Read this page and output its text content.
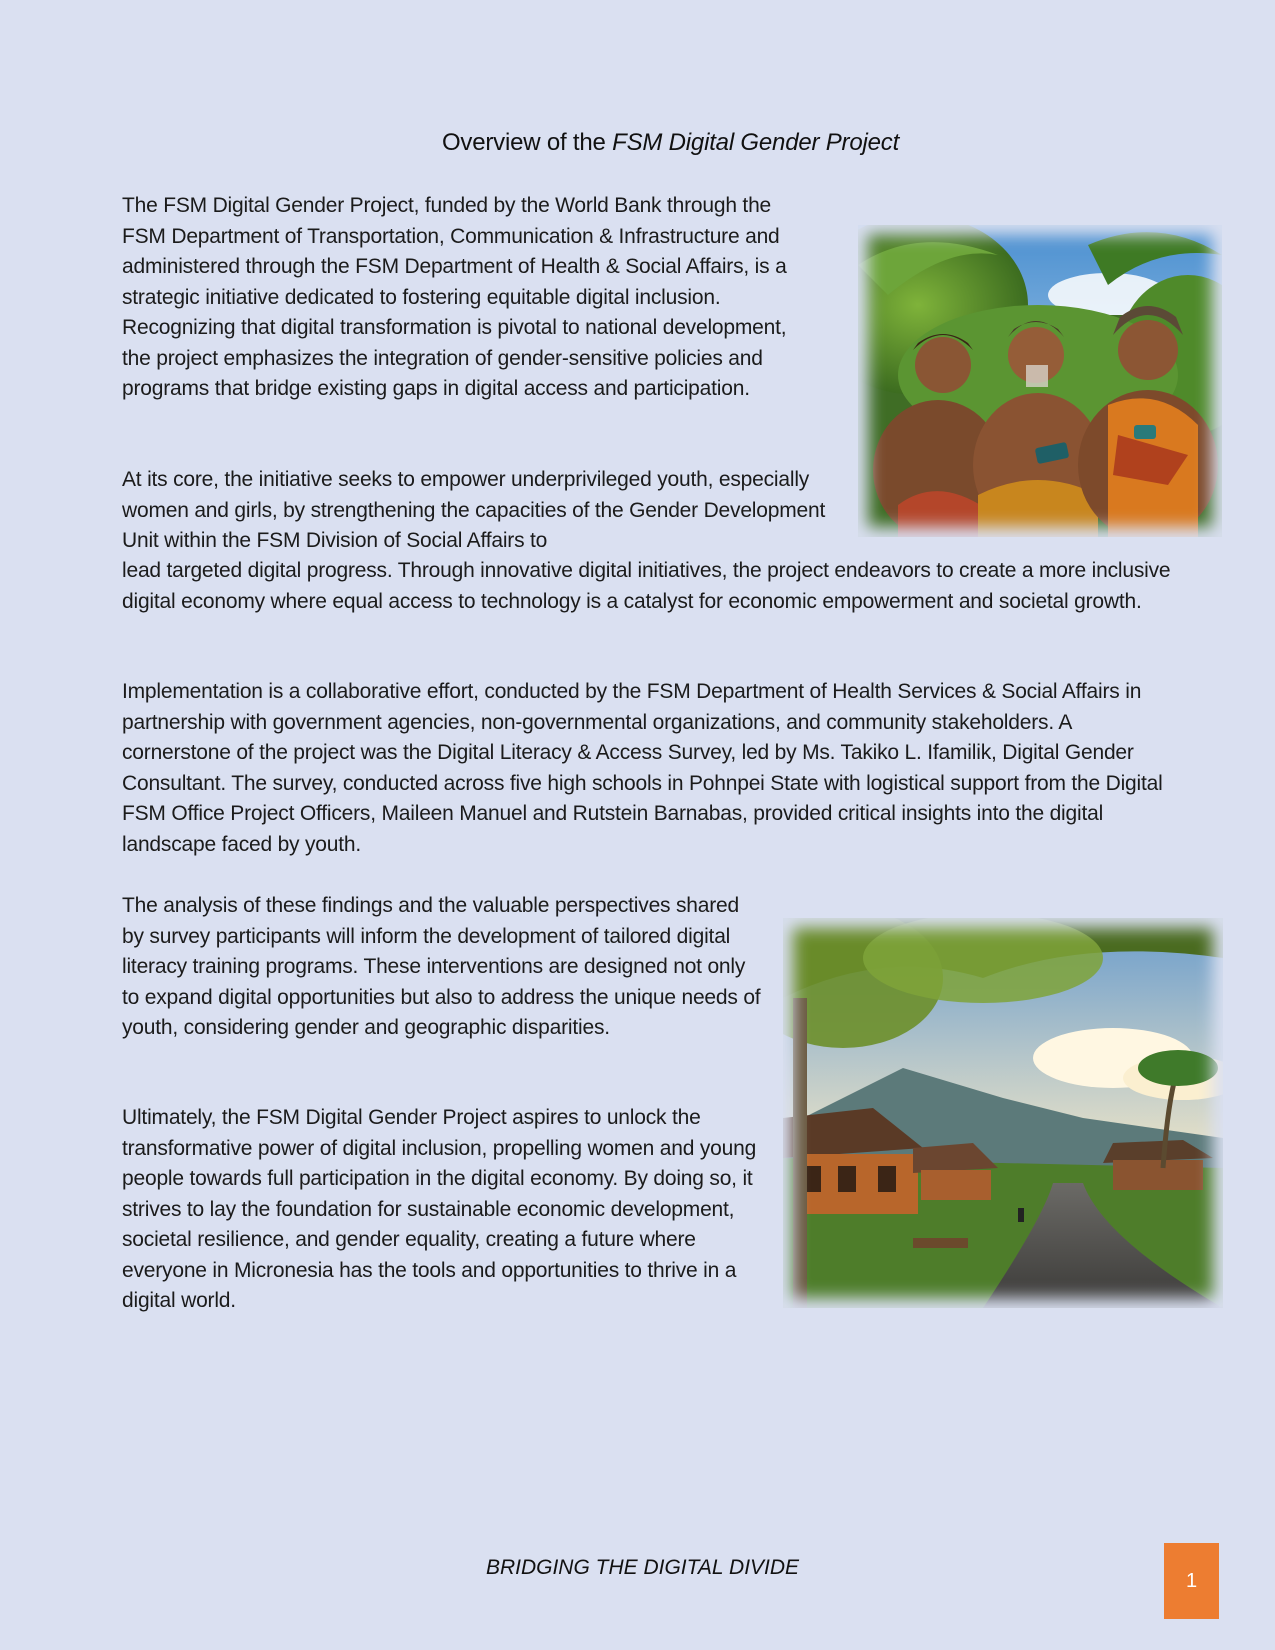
Overview of the FSM Digital Gender Project

The FSM Digital Gender Project, funded by the World Bank through the FSM Department of Transportation, Communication & Infrastructure and administered through the FSM Department of Health & Social Affairs, is a strategic initiative dedicated to fostering equitable digital inclusion. Recognizing that digital transformation is pivotal to national development, the project emphasizes the integration of gender-sensitive policies and programs that bridge existing gaps in digital access and participation.

At its core, the initiative seeks to empower underprivileged youth, especially women and girls, by strengthening the capacities of the Gender Development Unit within the FSM Division of Social Affairs to

lead targeted digital progress. Through innovative digital initiatives, the project endeavors to create a more inclusive digital economy where equal access to technology is a catalyst for economic empowerment and societal growth.

Implementation is a collaborative effort, conducted by the FSM Department of Health Services & Social Affairs in partnership with government agencies, non-governmental organizations, and community stakeholders. A cornerstone of the project was the Digital Literacy & Access Survey, led by Ms. Takiko L. Ifamilik, Digital Gender Consultant. The survey, conducted across five high schools in Pohnpei State with logistical support from the Digital FSM Office Project Officers, Maileen Manuel and Rutstein Barnabas, provided critical insights into the digital landscape faced by youth.

The analysis of these findings and the valuable perspectives shared by survey participants will inform the development of tailored digital literacy training programs. These interventions are designed not only to expand digital opportunities but also to address the unique needs of youth, considering gender and geographic disparities.

Ultimately, the FSM Digital Gender Project aspires to unlock the transformative power of digital inclusion, propelling women and young people towards full participation in the digital economy. By doing so, it strives to lay the foundation for sustainable economic development, societal resilience, and gender equality, creating a future where everyone in Micronesia has the tools and opportunities to thrive in a digital world.

BRIDGING THE DIGITAL DIVIDE
1
